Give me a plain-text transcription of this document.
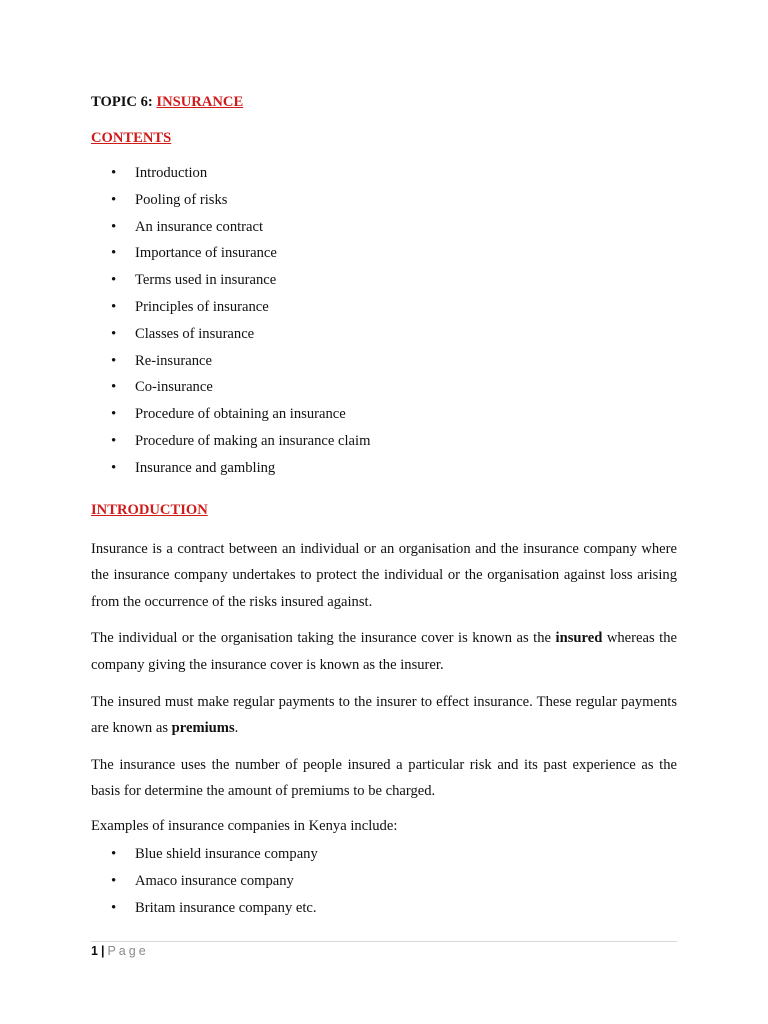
TOPIC 6: INSURANCE

CONTENTS

• Introduction
• Pooling of risks
• An insurance contract
• Importance of insurance
• Terms used in insurance
• Principles of insurance
• Classes of insurance
• Re-insurance
• Co-insurance
• Procedure of obtaining an insurance
• Procedure of making an insurance claim
• Insurance and gambling

INTRODUCTION

Insurance is a contract between an individual or an organisation and the insurance company where the insurance company undertakes to protect the individual or the organisation against loss arising from the occurrence of the risks insured against.

The individual or the organisation taking the insurance cover is known as the insured whereas the company giving the insurance cover is known as the insurer.

The insured must make regular payments to the insurer to effect insurance. These regular payments are known as premiums.

The insurance uses the number of people insured a particular risk and its past experience as the basis for determine the amount of premiums to be charged.

Examples of insurance companies in Kenya include:

• Blue shield insurance company
• Amaco insurance company
• Britam insurance company etc.
1 | Page
